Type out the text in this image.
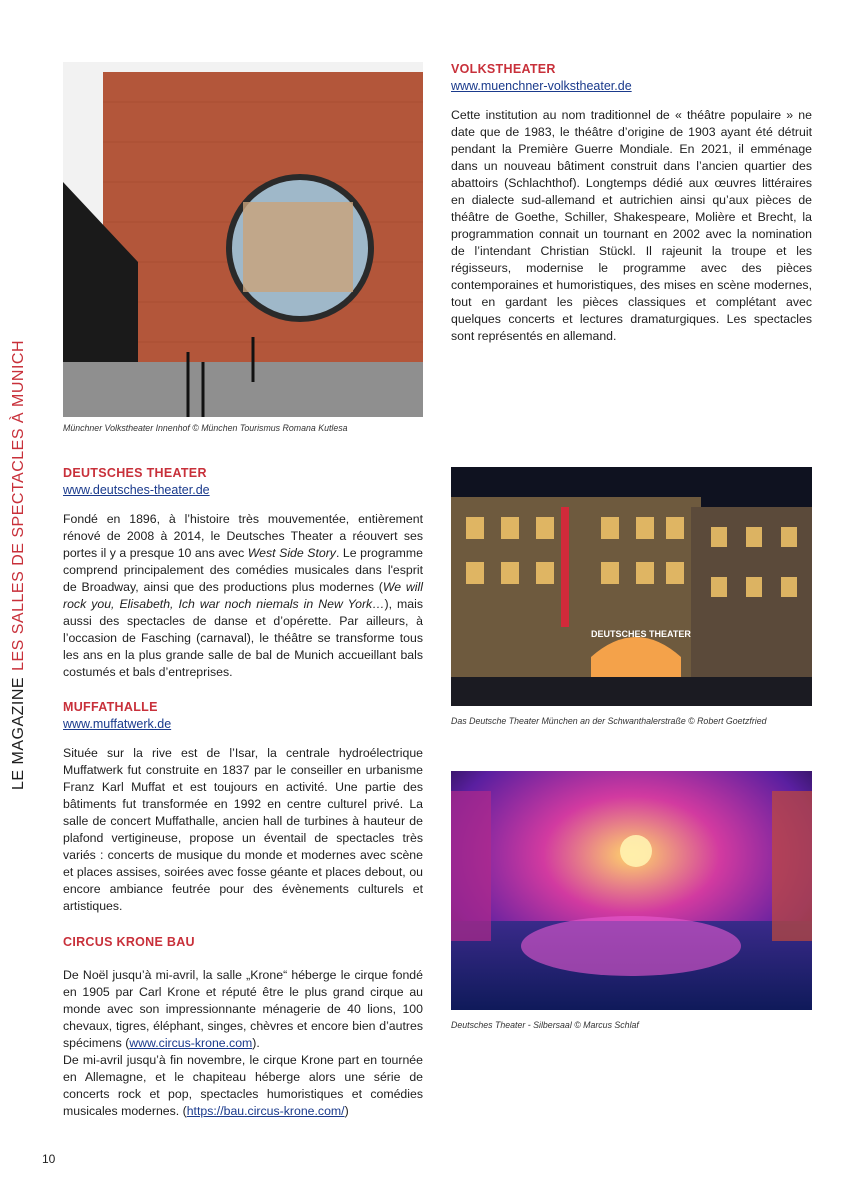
LE MAGAZINELES SALLES DE SPECTACLES À MUNICH	Münchner Volkstheater Innenhof © München Tourismus Romana Kutlesa
VOLKSTHEATER
www.muenchner-volkstheater.de

Cette institution au nom traditionnel de « théâtre populaire » ne date que de 1983, le théâtre d’origine de 1903 ayant été détruit pendant la Première Guerre Mondiale. En 2021, il emménage dans un nouveau bâtiment construit dans l’ancien quartier des abattoirs (Schlachthof). Longtemps dédié aux œuvres littéraires en dialecte sud-allemand et autrichien ainsi qu’aux pièces de théâtre de Goethe, Schiller, Shakespeare, Molière et Brecht, la programmation connait un tournant en 2002 avec la nomination de l’intendant Christian Stückl. Il rajeunit la troupe et les régisseurs, modernise le programme avec des pièces contemporaines et humoristiques, des mises en scène modernes, tout en gardant les pièces classiques et complétant avec quelques concerts et lectures dramaturgiques. Les spectacles sont représentés en allemand.

DEUTSCHES THEATER
www.deutsches-theater.de

Fondé en 1896, à l’histoire très mouvementée, entièrement rénové de 2008 à 2014, le Deutsches Theater a réouvert ses portes il y a presque 10 ans avec West Side Story. Le programme comprend principalement des comédies musicales dans l'esprit de Broadway, ainsi que des productions plus modernes (We will rock you, Elisabeth, Ich war noch niemals in New York…), mais aussi des spectacles de danse et d’opérette. Par ailleurs, à l’occasion de Fasching (carnaval), le théâtre se transforme tous les ans en la plus grande salle de bal de Munich accueillant bals costumés et bals d’entreprises.

MUFFATHALLE
www.muffatwerk.de

Située sur la rive est de l’Isar, la centrale hydroélectrique Muffatwerk fut construite en 1837 par le conseiller en urbanisme Franz Karl Muffat et est toujours en activité. Une partie des bâtiments fut transformée en 1992 en centre culturel privé. La salle de concert Muffathalle, ancien hall de turbines à hauteur de plafond vertigineuse, propose un éventail de spectacles très variés : concerts de musique du monde et modernes avec scène et places assises, soirées avec fosse géante et places debout, ou encore ambiance feutrée pour des évènements culturels et artistiques.

CIRCUS KRONE BAU

De Noël jusqu’à mi-avril, la salle „Krone“ héberge le cirque fondé en 1905 par Carl Krone et réputé être le plus grand cirque au monde avec son impressionnante ménagerie de 40 lions, 100 chevaux, tigres, éléphant, singes, chèvres et encore bien d’autres spécimens (www.circus-krone.com).
De mi-avril jusqu’à fin novembre, le cirque Krone part en tournée en Allemagne, et le chapiteau héberge alors une série de concerts rock et pop, spectacles humoristiques et comédies musicales modernes. (https://bau.circus-krone.com/)

DEUTSCHES THEATER
Das Deutsche Theater München an der Schwanthalerstraße © Robert Goetzfried
Deutsches Theater - Silbersaal © Marcus Schlaf
10
